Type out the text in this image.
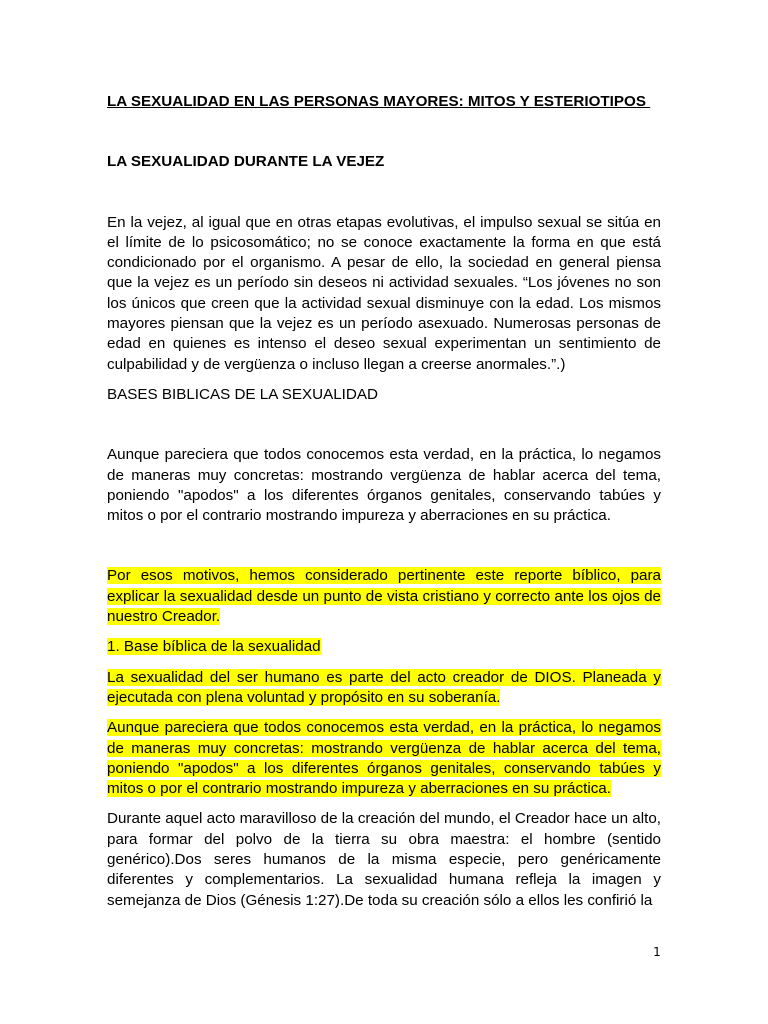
LA SEXUALIDAD EN LAS PERSONAS MAYORES: MITOS Y ESTERIOTIPOS

LA SEXUALIDAD DURANTE LA VEJEZ

En la vejez, al igual que en otras etapas evolutivas, el impulso sexual se sitúa en el límite de lo psicosomático; no se conoce exactamente la forma en que está condicionado por el organismo. A pesar de ello, la sociedad en general piensa que la vejez es un período sin deseos ni actividad sexuales. “Los jóvenes no son los únicos que creen que la actividad sexual disminuye con la edad. Los mismos mayores piensan que la vejez es un período asexuado. Numerosas personas de edad en quienes es intenso el deseo sexual experimentan un sentimiento de culpabilidad y de vergüenza o incluso llegan a creerse anormales.”.)

BASES BIBLICAS DE LA SEXUALIDAD

Aunque pareciera que todos conocemos esta verdad, en la práctica, lo negamos de maneras muy concretas: mostrando vergüenza de hablar acerca del tema, poniendo "apodos" a los diferentes órganos genitales, conservando tabúes y mitos o por el contrario mostrando impureza y aberraciones en su práctica.

Por esos motivos, hemos considerado pertinente este reporte bíblico, para explicar la sexualidad desde un punto de vista cristiano y correcto ante los ojos de nuestro Creador.

1. Base bíblica de la sexualidad

La sexualidad del ser humano es parte del acto creador de DIOS. Planeada y ejecutada con plena voluntad y propósito en su soberanía.

Aunque pareciera que todos conocemos esta verdad, en la práctica, lo negamos de maneras muy concretas: mostrando vergüenza de hablar acerca del tema, poniendo "apodos" a los diferentes órganos genitales, conservando tabúes y mitos o por el contrario mostrando impureza y aberraciones en su práctica.

Durante aquel acto maravilloso de la creación del mundo, el Creador hace un alto, para formar del polvo de la tierra su obra maestra: el hombre (sentido genérico).Dos seres humanos de la misma especie, pero genéricamente diferentes y complementarios. La sexualidad humana refleja la imagen y semejanza de Dios (Génesis 1:27).De toda su creación sólo a ellos les confirió la

1
